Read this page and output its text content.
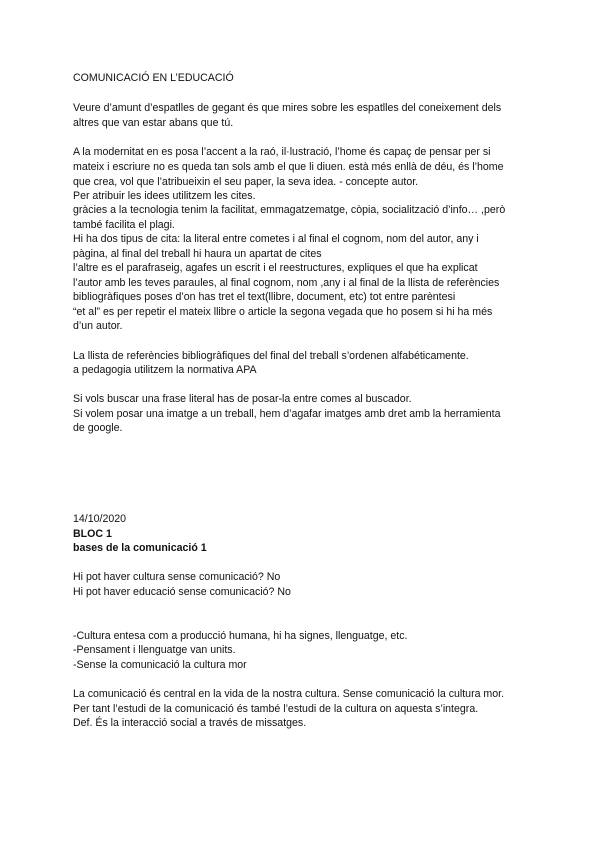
COMUNICACIÓ EN L’EDUCACIÓ
Veure d’amunt d’espatlles de gegant és que mires sobre les espatlles del coneixement dels
altres que van estar abans que tú.
A la modernitat en es posa l’accent a la raó, il·lustració, l’home és capaç de pensar per si
mateix i escriure no es queda tan sols amb el que li diuen. està més enllà de déu, és l’home
que crea, vol que l’atribueixin el seu paper, la seva idea. - concepte autor.
Per atribuir les idees utilitzem les cites.
gràcies a la tecnologia tenim la facilitat, emmagatzematge, còpia, socialització d’info… ,però
també facilita el plagi.
Hi ha dos tipus de cita: la literal entre cometes i al final el cognom, nom del autor, any i
pàgina, al final del treball hi haura un apartat de cites
l’altre es el parafraseig, agafes un escrit i el reestructures, expliques el que ha explicat
l’autor amb les teves paraules, al final cognom, nom ,any i al final de la llista de referències
bibliogràfiques poses d’on has tret el text(llibre, document, etc) tot entre parèntesi
“et al” es per repetir el mateix llibre o article la segona vegada que ho posem si hi ha més
d’un autor.
La llista de referències bibliogràfiques del final del treball s’ordenen alfabéticamente.
a pedagogia utilitzem la normativa APA
Si vols buscar una frase literal has de posar-la entre comes al buscador.
Si volem posar una imatge a un treball, hem d’agafar imatges amb dret amb la herramienta
de google.
14/10/2020
BLOC 1
bases de la comunicació 1
Hi pot haver cultura sense comunicació? No
Hi pot haver educació sense comunicació? No
-Cultura entesa com a producció humana, hi ha signes, llenguatge, etc.
-Pensament i llenguatge van units.
-Sense la comunicació la cultura mor
La comunicació és central en la vida de la nostra cultura. Sense comunicació la cultura mor.
Per tant l’estudi de la comunicació és també l’estudi de la cultura on aquesta s’integra.
Def. És la interacció social a través de missatges.
